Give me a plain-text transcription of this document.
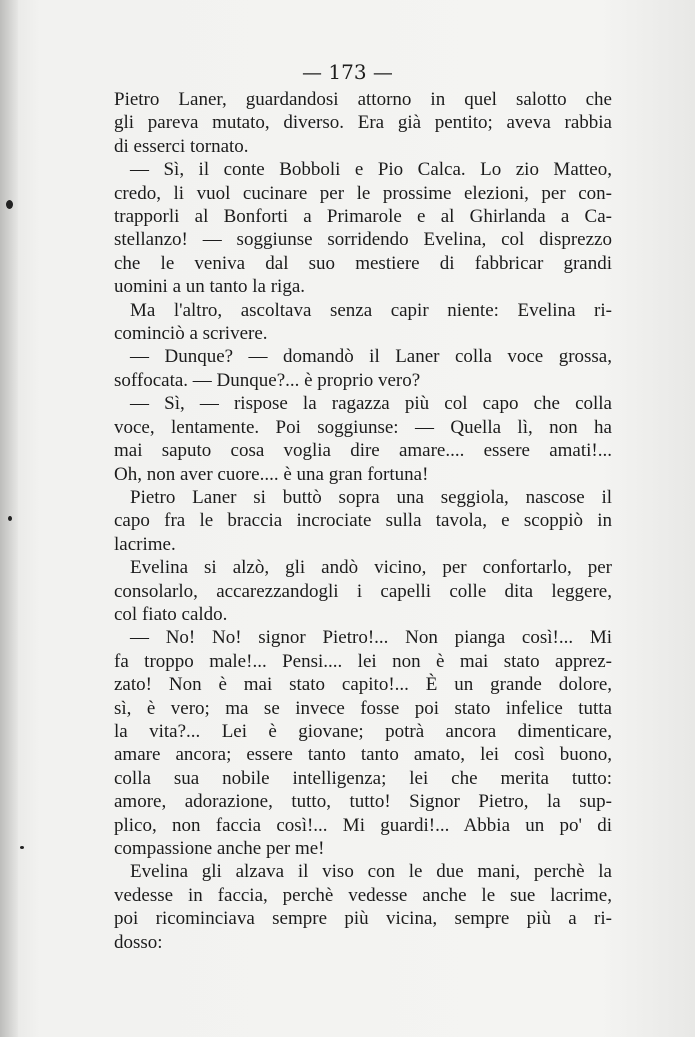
— 173 —
Pietro Laner, guardandosi attorno in quel salotto che
gli pareva mutato, diverso. Era già pentito; aveva rabbia
di esserci tornato.
— Sì, il conte Bobboli e Pio Calca. Lo zio Matteo,
credo, li vuol cucinare per le prossime elezioni, per con-
trapporli al Bonforti a Primarole e al Ghirlanda a Ca-
stellanzo! — soggiunse sorridendo Evelina, col disprezzo
che le veniva dal suo mestiere di fabbricar grandi
uomini a un tanto la riga.
Ma l'altro, ascoltava senza capir niente: Evelina ri-
cominciò a scrivere.
— Dunque? — domandò il Laner colla voce grossa,
soffocata. — Dunque?... è proprio vero?
— Sì, — rispose la ragazza più col capo che colla
voce, lentamente. Poi soggiunse: — Quella lì, non ha
mai saputo cosa voglia dire amare.... essere amati!...
Oh, non aver cuore.... è una gran fortuna!
Pietro Laner si buttò sopra una seggiola, nascose il
capo fra le braccia incrociate sulla tavola, e scoppiò in
lacrime.
Evelina si alzò, gli andò vicino, per confortarlo, per
consolarlo, accarezzandogli i capelli colle dita leggere,
col fiato caldo.
— No! No! signor Pietro!... Non pianga così!... Mi
fa troppo male!... Pensi.... lei non è mai stato apprez-
zato! Non è mai stato capito!... È un grande dolore,
sì, è vero; ma se invece fosse poi stato infelice tutta
la vita?... Lei è giovane; potrà ancora dimenticare,
amare ancora; essere tanto tanto amato, lei così buono,
colla sua nobile intelligenza; lei che merita tutto:
amore, adorazione, tutto, tutto! Signor Pietro, la sup-
plico, non faccia così!... Mi guardi!... Abbia un po' di
compassione anche per me!
Evelina gli alzava il viso con le due mani, perchè la
vedesse in faccia, perchè vedesse anche le sue lacrime,
poi ricominciava sempre più vicina, sempre più a ri-
dosso:
